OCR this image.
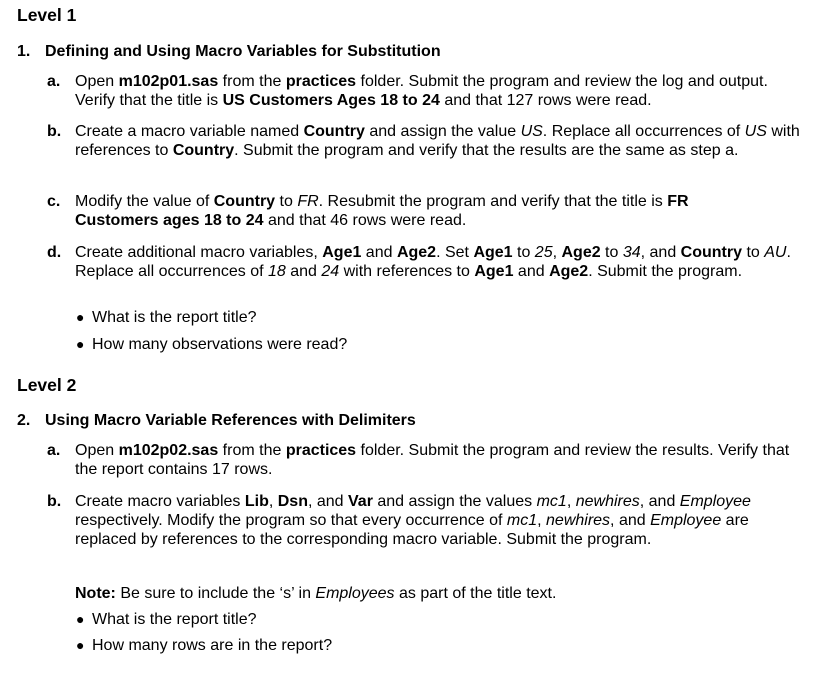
Level 1
1. Defining and Using Macro Variables for Substitution
a. Open m102p01.sas from the practices folder. Submit the program and review the log and output. Verify that the title is US Customers Ages 18 to 24 and that 127 rows were read.
b. Create a macro variable named Country and assign the value US. Replace all occurrences of US with references to Country. Submit the program and verify that the results are the same as step a.
c. Modify the value of Country to FR. Resubmit the program and verify that the title is FR Customers ages 18 to 24 and that 46 rows were read.
d. Create additional macro variables, Age1 and Age2. Set Age1 to 25, Age2 to 34, and Country to AU. Replace all occurrences of 18 and 24 with references to Age1 and Age2. Submit the program.
● What is the report title?
● How many observations were read?
Level 2
2. Using Macro Variable References with Delimiters
a. Open m102p02.sas from the practices folder. Submit the program and review the results. Verify that the report contains 17 rows.
b. Create macro variables Lib, Dsn, and Var and assign the values mc1, newhires, and Employee respectively. Modify the program so that every occurrence of mc1, newhires, and Employee are replaced by references to the corresponding macro variable. Submit the program.
Note: Be sure to include the ‘s’ in Employees as part of the title text.
● What is the report title?
● How many rows are in the report?
